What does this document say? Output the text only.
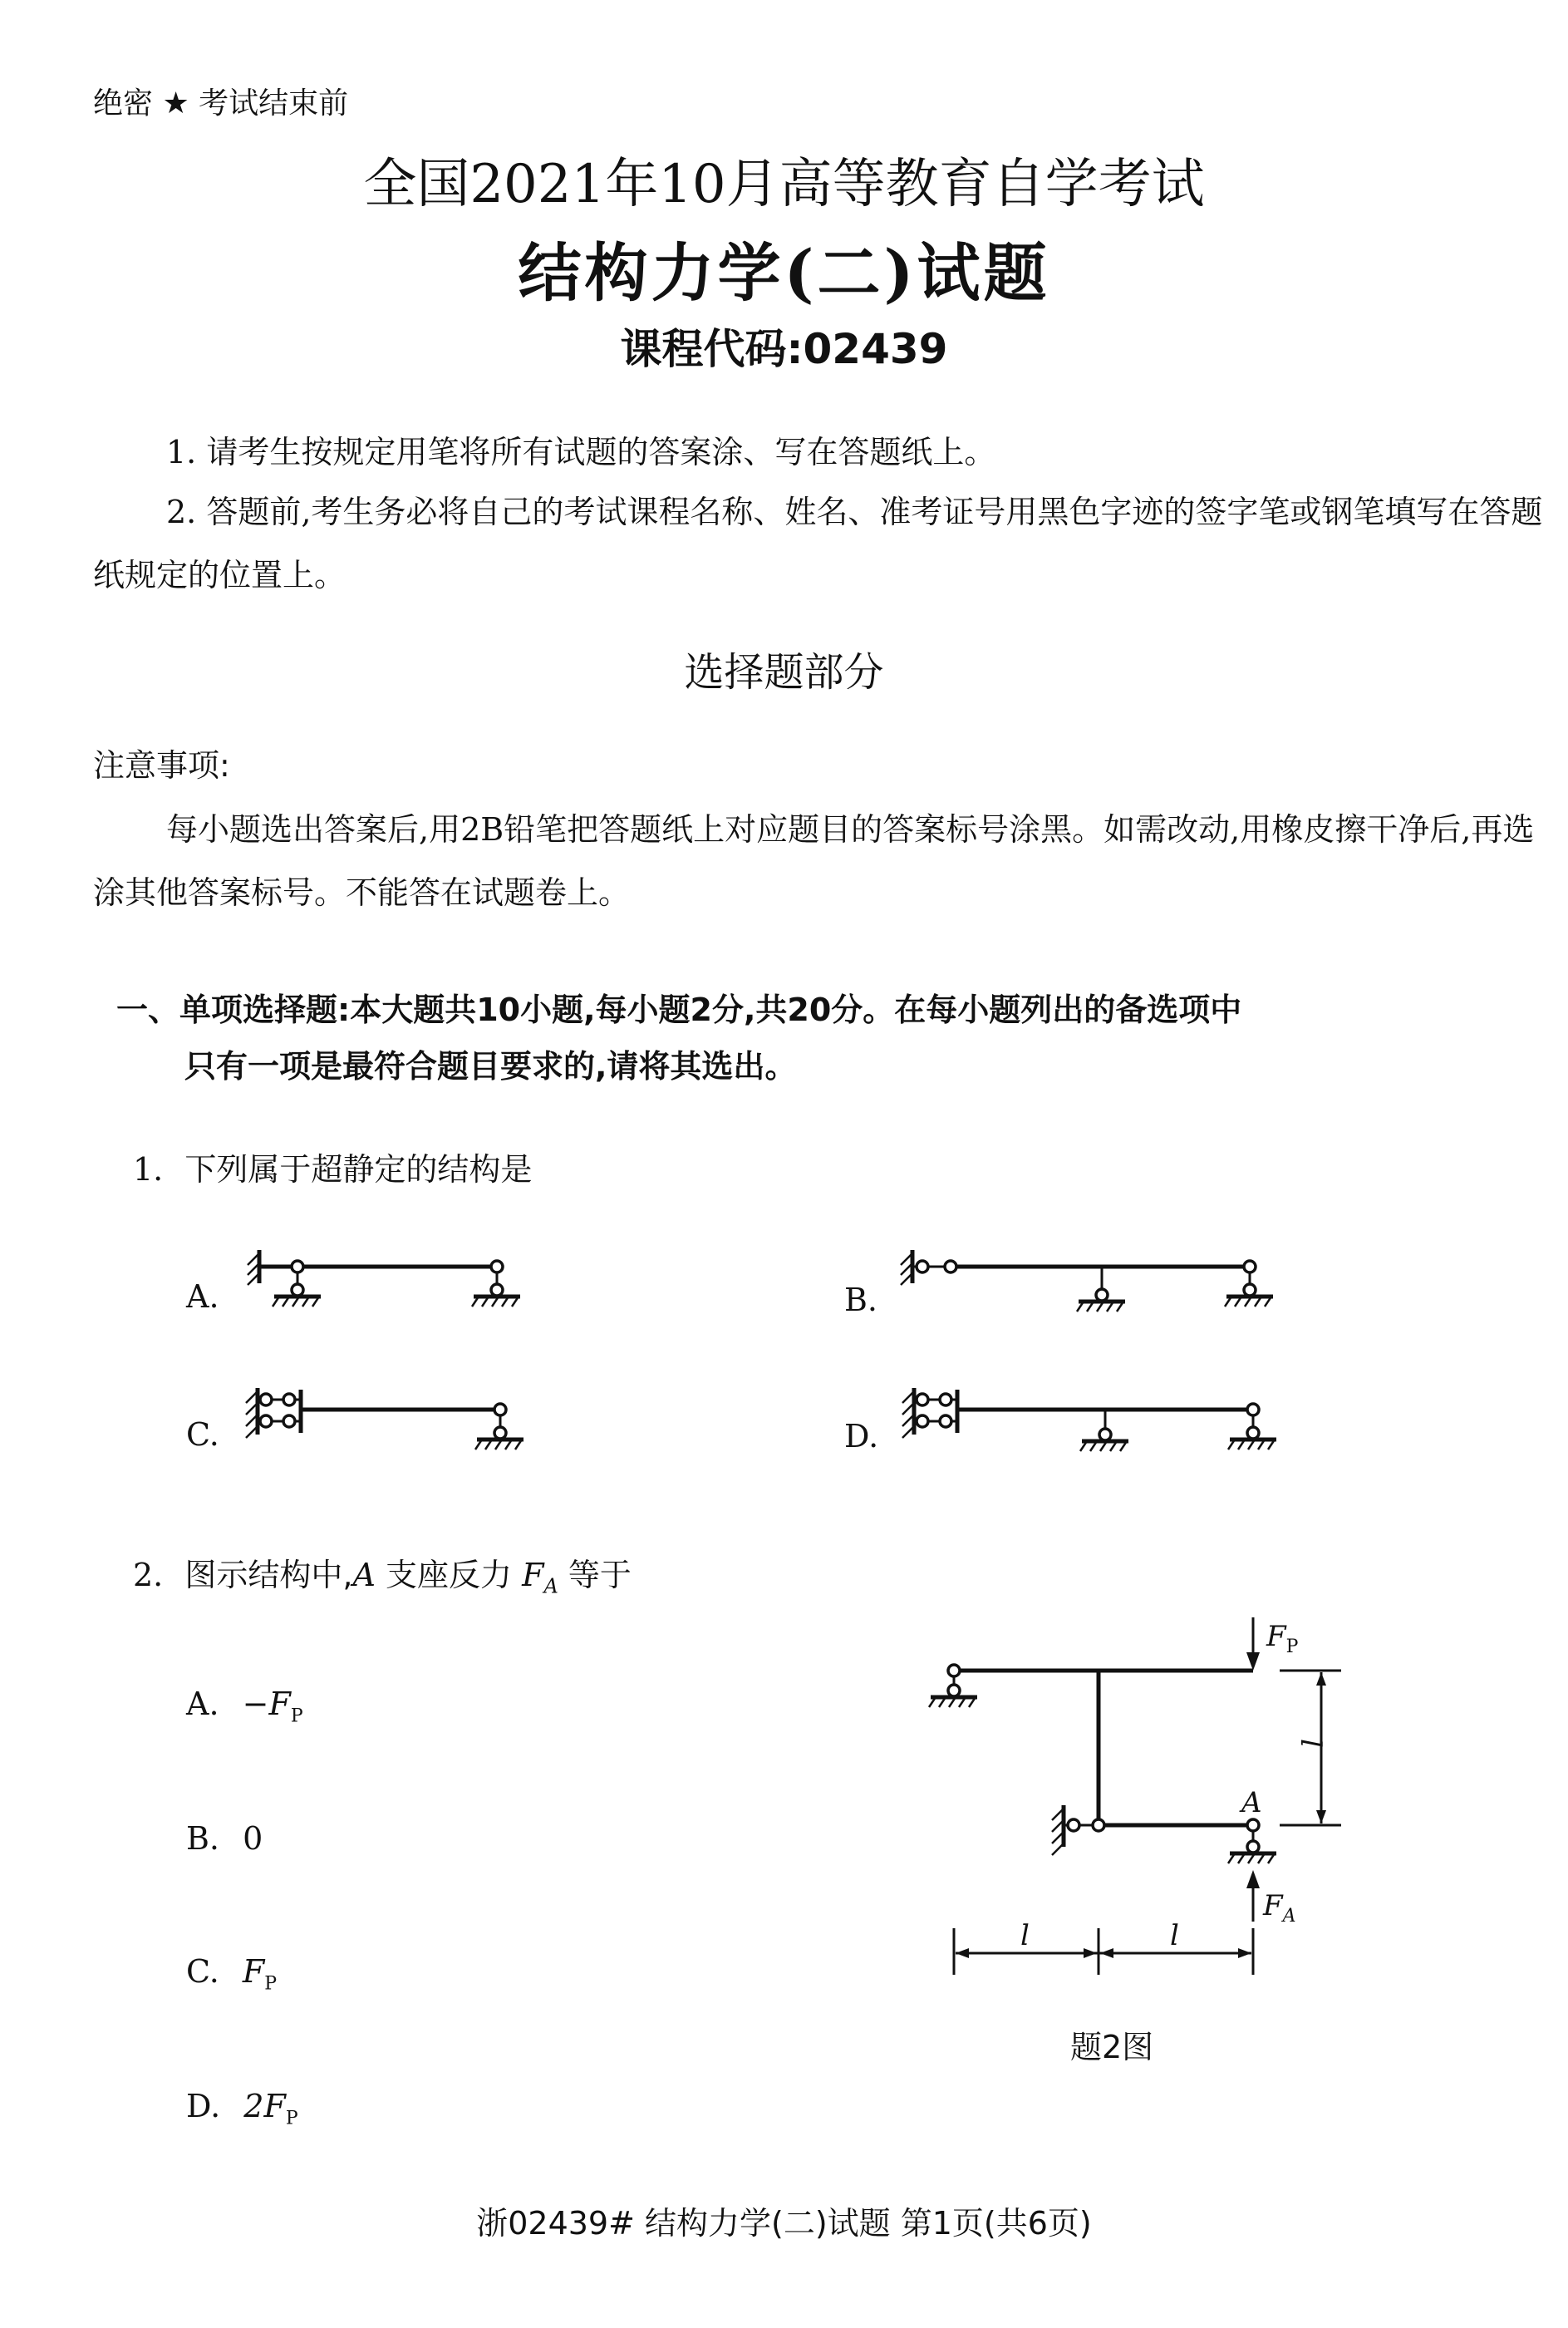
绝密 ★ 考试结束前
全国2021年10月高等教育自学考试
结构力学(二)试题
课程代码:02439
1. 请考生按规定用笔将所有试题的答案涂、写在答题纸上。
2. 答题前,考生务必将自己的考试课程名称、姓名、准考证号用黑色字迹的签字笔或钢笔填写在答题纸规定的位置上。
选择题部分
注意事项:
每小题选出答案后,用2B铅笔把答题纸上对应题目的答案标号涂黑。如需改动,用橡皮擦干净后,再选涂其他答案标号。不能答在试题卷上。
一、单项选择题:本大题共10小题,每小题2分,共20分。在每小题列出的备选项中
只有一项是最符合题目要求的,请将其选出。
1. 下列属于超静定的结构是
A.	B.
C.	D.
2. 图示结构中,A 支座反力 $F_A$ 等于
A. $-F_P$
B. 0
C. $F_P$
D. $2F_P$
$F_P$
A
$F_A$
l
l	l
题2图
浙02439# 结构力学(二)试题 第1页(共6页)
